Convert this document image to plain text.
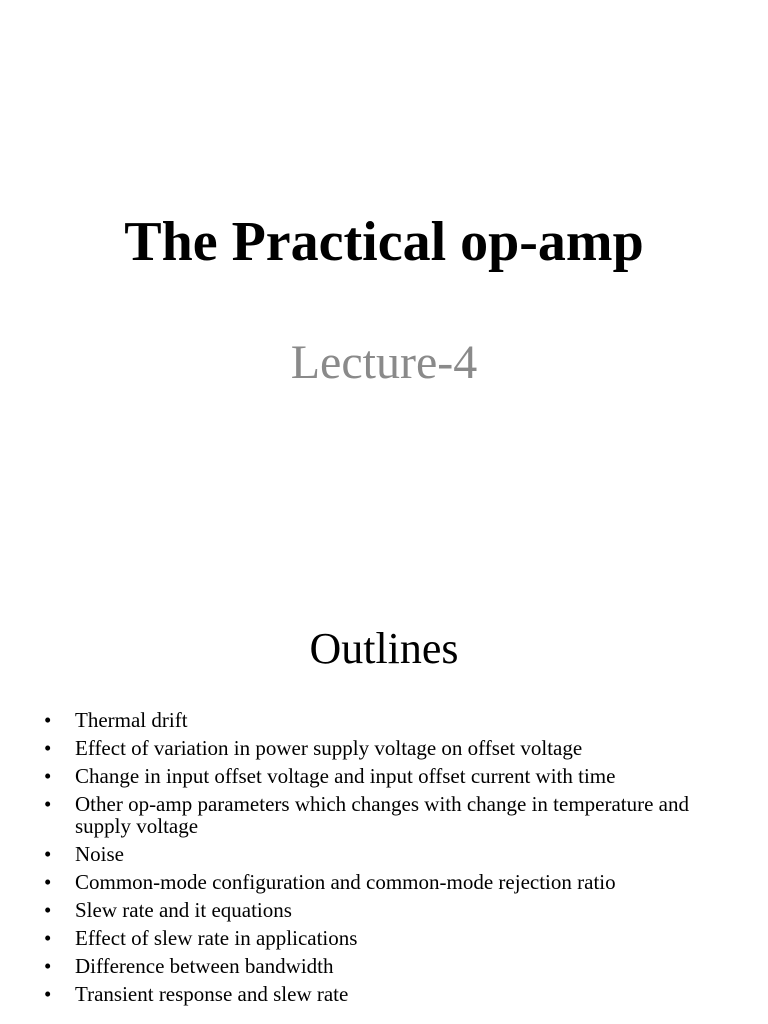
The Practical op-amp
Lecture-4
Outlines
• Thermal drift
• Effect of variation in power supply voltage on offset voltage
• Change in input offset voltage and input offset current with time
• Other op-amp parameters which changes with change in temperature and supply voltage
• Noise
• Common-mode configuration and common-mode rejection ratio
• Slew rate and it equations
• Effect of slew rate in applications
• Difference between bandwidth
• Transient response and slew rate
